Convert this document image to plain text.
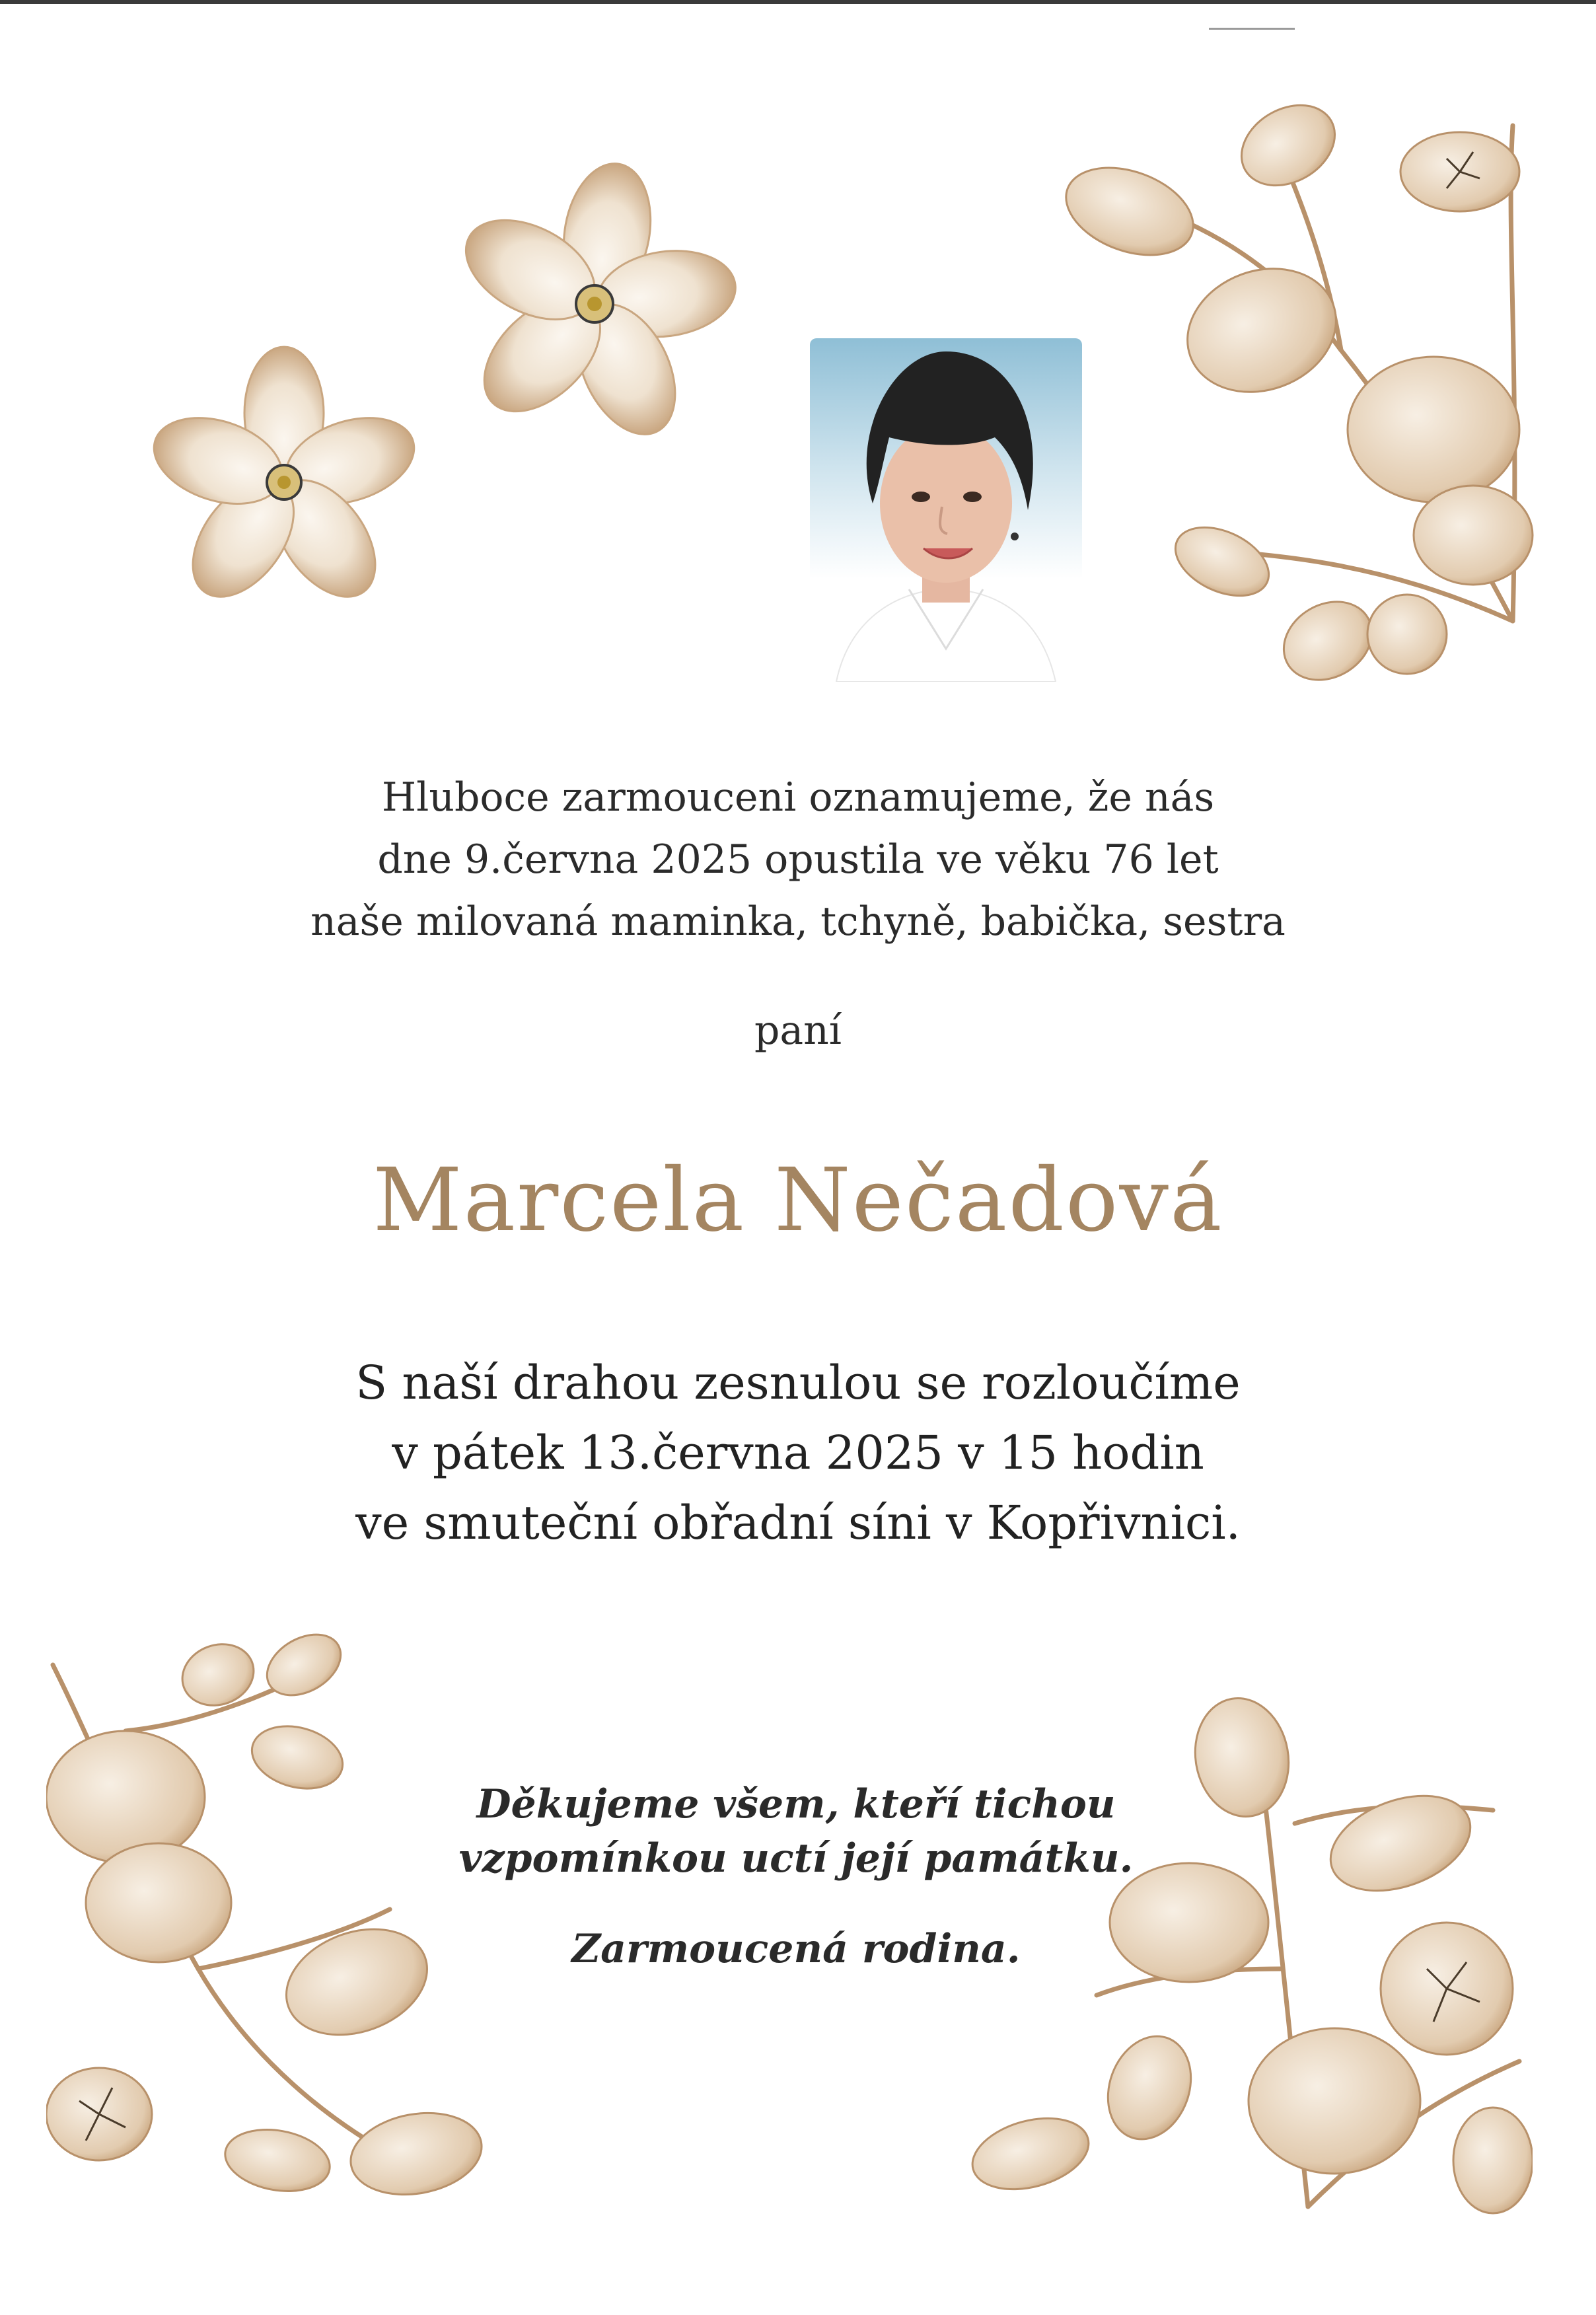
Hluboce zarmouceni oznamujeme, že nás
dne 9.června 2025 opustila ve věku 76 let
naše milovaná maminka, tchyně, babička, sestra
paní
Marcela Nečadová
S naší drahou zesnulou se rozloučíme
v pátek 13.června 2025 v 15 hodin
ve smuteční obřadní síni v Kopřivnici.
Děkujeme všem, kteří tichou
vzpomínkou uctí její památku.
Zarmoucená rodina.
